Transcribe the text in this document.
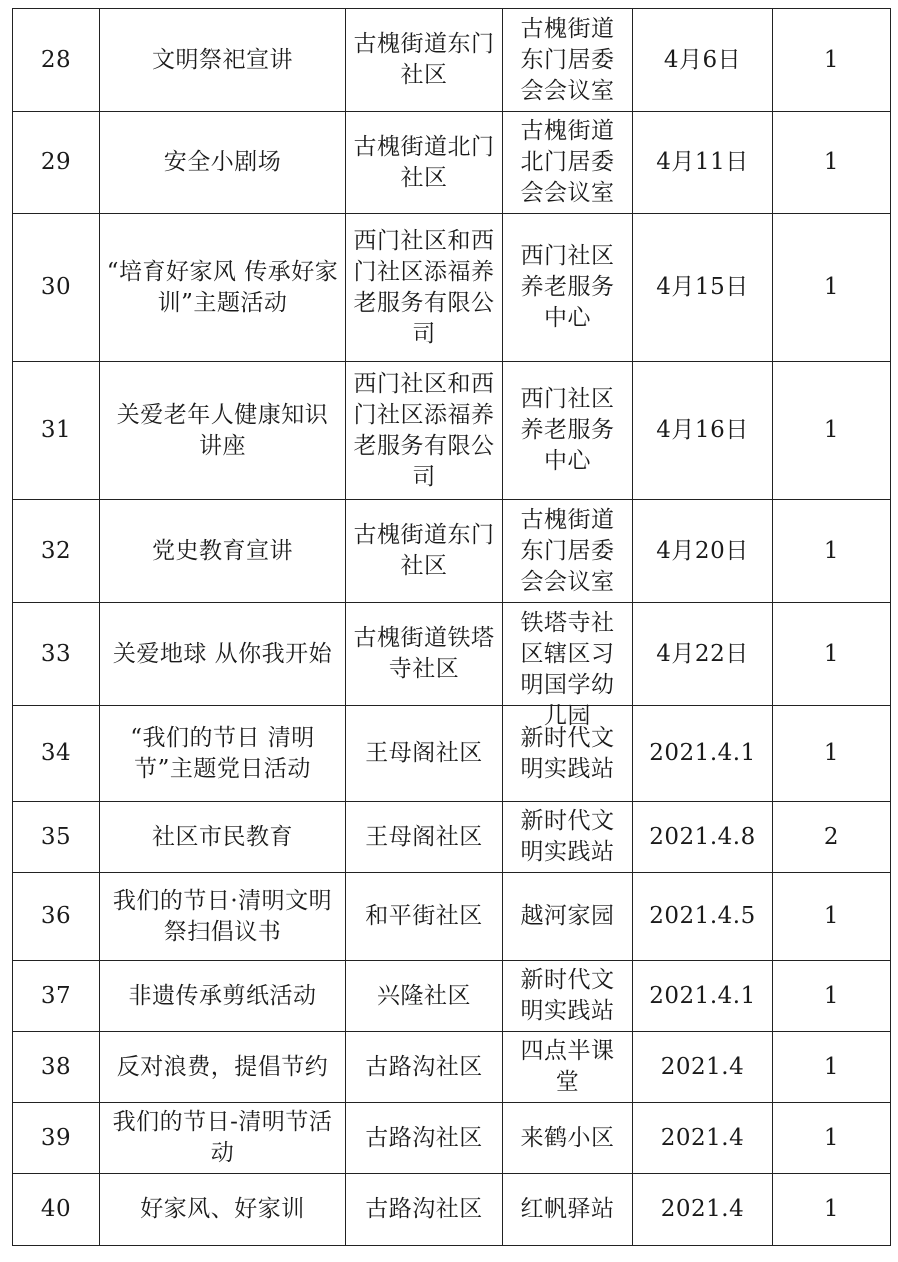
28	文明祭祀宣讲	古槐街道东门社区	古槐街道东门居委会会议室	4月6日	1
29	安全小剧场	古槐街道北门社区	古槐街道北门居委会会议室	4月11日	1
30	“培育好家风 传承好家训”主题活动	西门社区和西门社区添福养老服务有限公司	西门社区养老服务中心	4月15日	1
31	关爱老年人健康知识讲座	西门社区和西门社区添福养老服务有限公司	西门社区养老服务中心	4月16日	1
32	党史教育宣讲	古槐街道东门社区	古槐街道东门居委会会议室	4月20日	1
33	关爱地球 从你我开始	古槐街道铁塔寺社区	铁塔寺社区辖区习明国学幼儿园	4月22日	1
34	“我们的节日 清明节”主题党日活动	王母阁社区	新时代文明实践站	2021.4.1	1
35	社区市民教育	王母阁社区	新时代文明实践站	2021.4.8	2
36	我们的节日·清明文明祭扫倡议书	和平街社区	越河家园	2021.4.5	1
37	非遗传承剪纸活动	兴隆社区	新时代文明实践站	2021.4.1	1
38	反对浪费，提倡节约	古路沟社区	四点半课堂	2021.4	1
39	我们的节日-清明节活动	古路沟社区	来鹤小区	2021.4	1
40	好家风、好家训	古路沟社区	红帆驿站	2021.4	1
